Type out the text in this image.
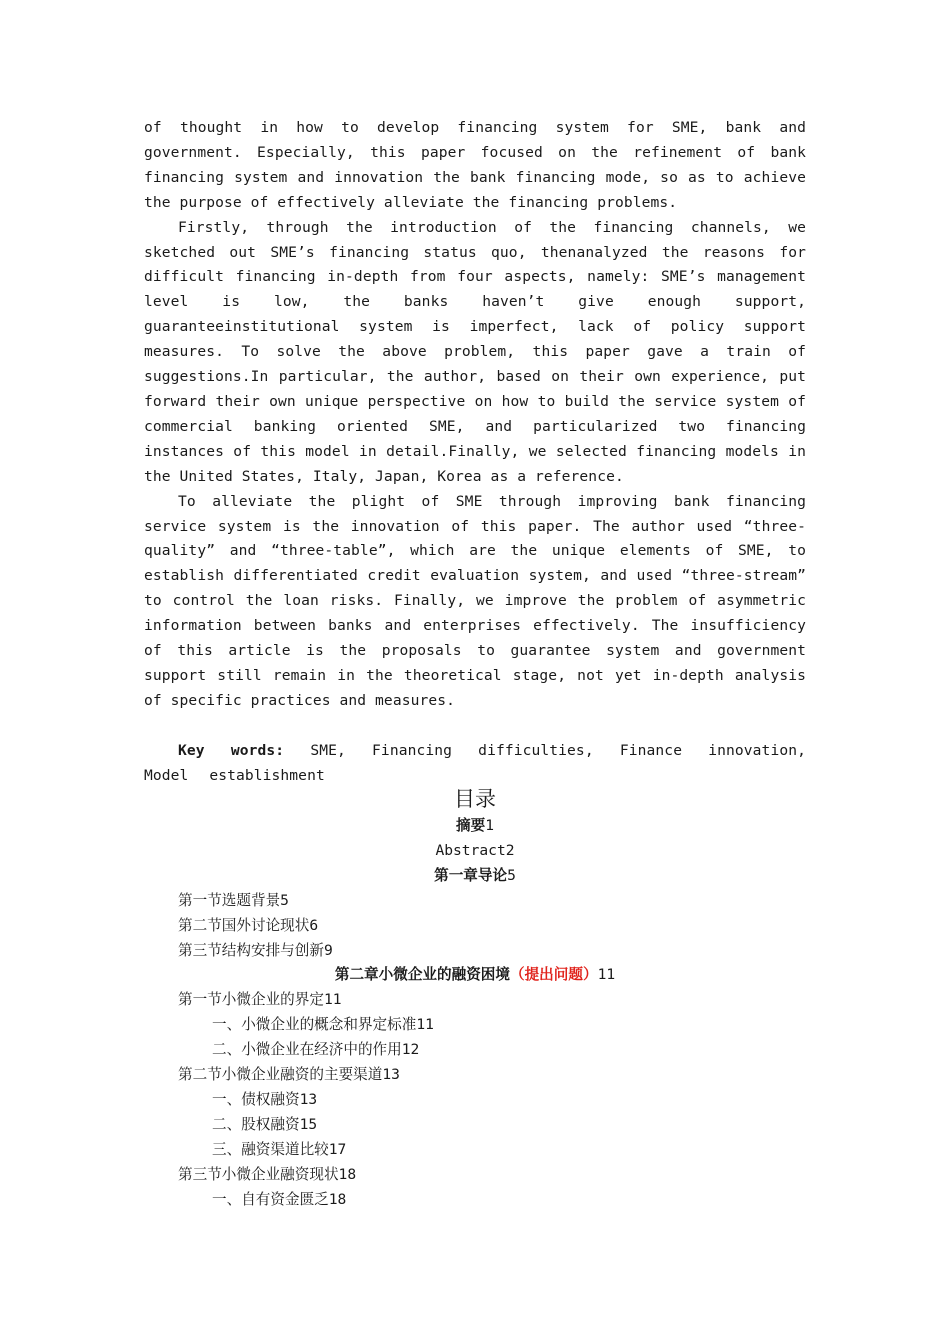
of thought in how to develop financing system for SME, bank and government. Especially, this paper focused on the refinement of bank financing system and innovation the bank financing mode, so as to achieve the purpose of effectively alleviate the financing problems.

Firstly, through the introduction of the financing channels, we sketched out SME’s financing status quo, thenanalyzed the reasons for difficult financing in-depth from four aspects, namely: SME’s management level is low, the banks haven’t give enough support, guaranteeinstitutional system is imperfect, lack of policy support measures. To solve the above problem, this paper gave a train of suggestions.In particular, the author, based on their own experience, put forward their own unique perspective on how to build the service system of commercial banking oriented SME, and particularized two financing instances of this model in detail.Finally, we selected financing models in the United States, Italy, Japan, Korea as a reference.

To alleviate the plight of SME through improving bank financing service system is the innovation of this paper. The author used “three-quality” and “three-table”, which are the unique elements of SME, to establish differentiated credit evaluation system, and used “three-stream” to control the loan risks. Finally, we improve the problem of asymmetric information between banks and enterprises effectively. The insufficiency of this article is the proposals to guarantee system and government support still remain in the theoretical stage, not yet in-depth analysis of specific practices and measures.

Key words: SME, Financing difficulties, Finance innovation, Model establishment

目录

摘要1

Abstract2

第一章导论5

第一节选题背景5

第二节国外讨论现状6

第三节结构安排与创新9

第二章小微企业的融资困境（提出问题）11

第一节小微企业的界定11

一、小微企业的概念和界定标准11

二、小微企业在经济中的作用12

第二节小微企业融资的主要渠道13

一、债权融资13

二、股权融资15

三、融资渠道比较17

第三节小微企业融资现状18

一、自有资金匮乏18
